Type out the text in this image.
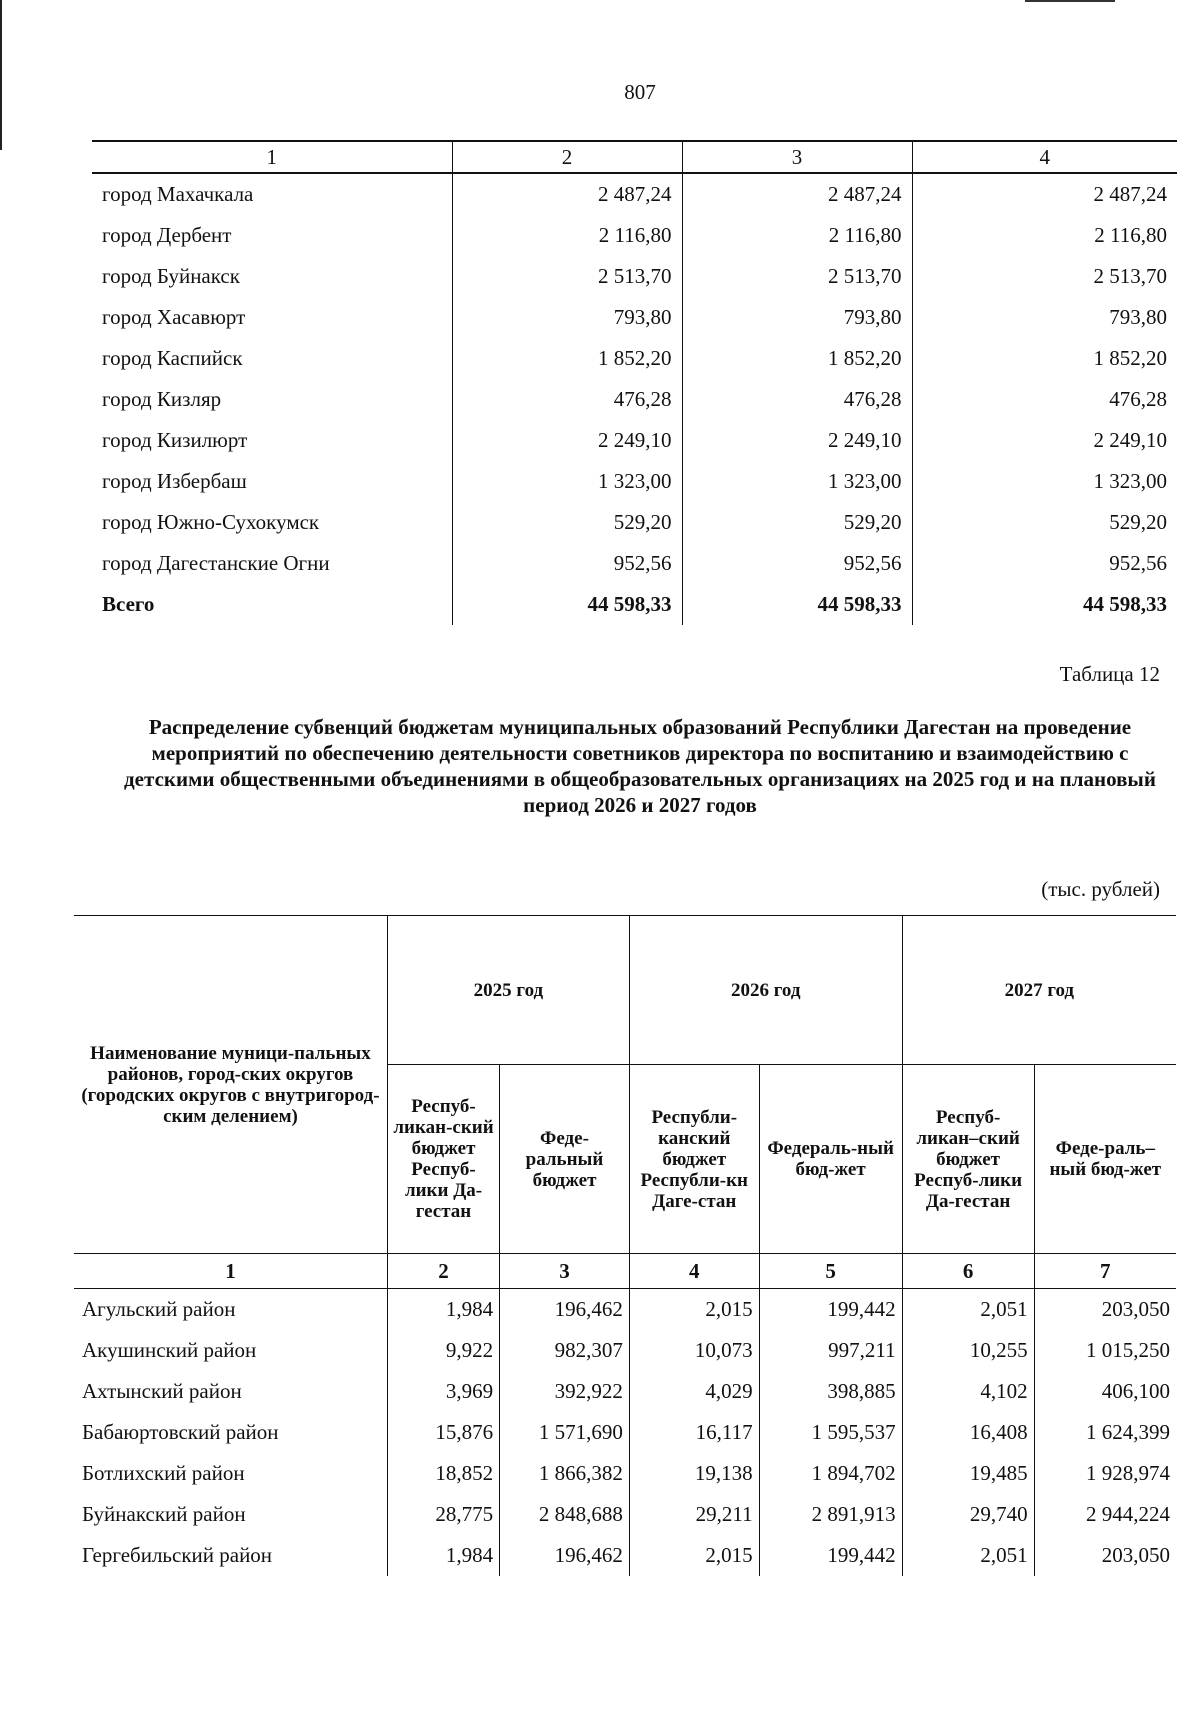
807
1	2	3	4
город Махачкала	2 487,24	2 487,24	2 487,24
город Дербент	2 116,80	2 116,80	2 116,80
город Буйнакск	2 513,70	2 513,70	2 513,70
город Хасавюрт	793,80	793,80	793,80
город Каспийск	1 852,20	1 852,20	1 852,20
город Кизляр	476,28	476,28	476,28
город Кизилюрт	2 249,10	2 249,10	2 249,10
город Избербаш	1 323,00	1 323,00	1 323,00
город Южно-Сухокумск	529,20	529,20	529,20
город Дагестанские Огни	952,56	952,56	952,56
Всего	44 598,33	44 598,33	44 598,33
Таблица 12
Распределение субвенций бюджетам муниципальных образований Республики Дагестан на проведение мероприятий по обеспечению деятельности советников директора по воспитанию и взаимодействию с детскими общественными объединениями в общеобразовательных организациях на 2025 год и на плановый период 2026 и 2027 годов
(тыс. рублей)
Наименование муници-пальных районов, город-ских округов (городских округов с внутригород-ским делением)	2025 год		2026 год		2027 год	
	Респуб-ликан-ский бюджет Респуб-лики Да-гестан	Феде-ральный бюджет	Республи-канский бюджет Республи-кн Даге-стан	Федераль-ный бюд-жет	Респуб-ликан–ский бюджет Респуб-лики Да-гестан	Феде-раль–ный бюд-жет
1	2	3	4	5	6	7
Агульский район	1,984	196,462	2,015	199,442	2,051	203,050
Акушинский район	9,922	982,307	10,073	997,211	10,255	1 015,250
Ахтынский район	3,969	392,922	4,029	398,885	4,102	406,100
Бабаюртовский район	15,876	1 571,690	16,117	1 595,537	16,408	1 624,399
Ботлихский район	18,852	1 866,382	19,138	1 894,702	19,485	1 928,974
Буйнакский район	28,775	2 848,688	29,211	2 891,913	29,740	2 944,224
Гергебильский район	1,984	196,462	2,015	199,442	2,051	203,050
